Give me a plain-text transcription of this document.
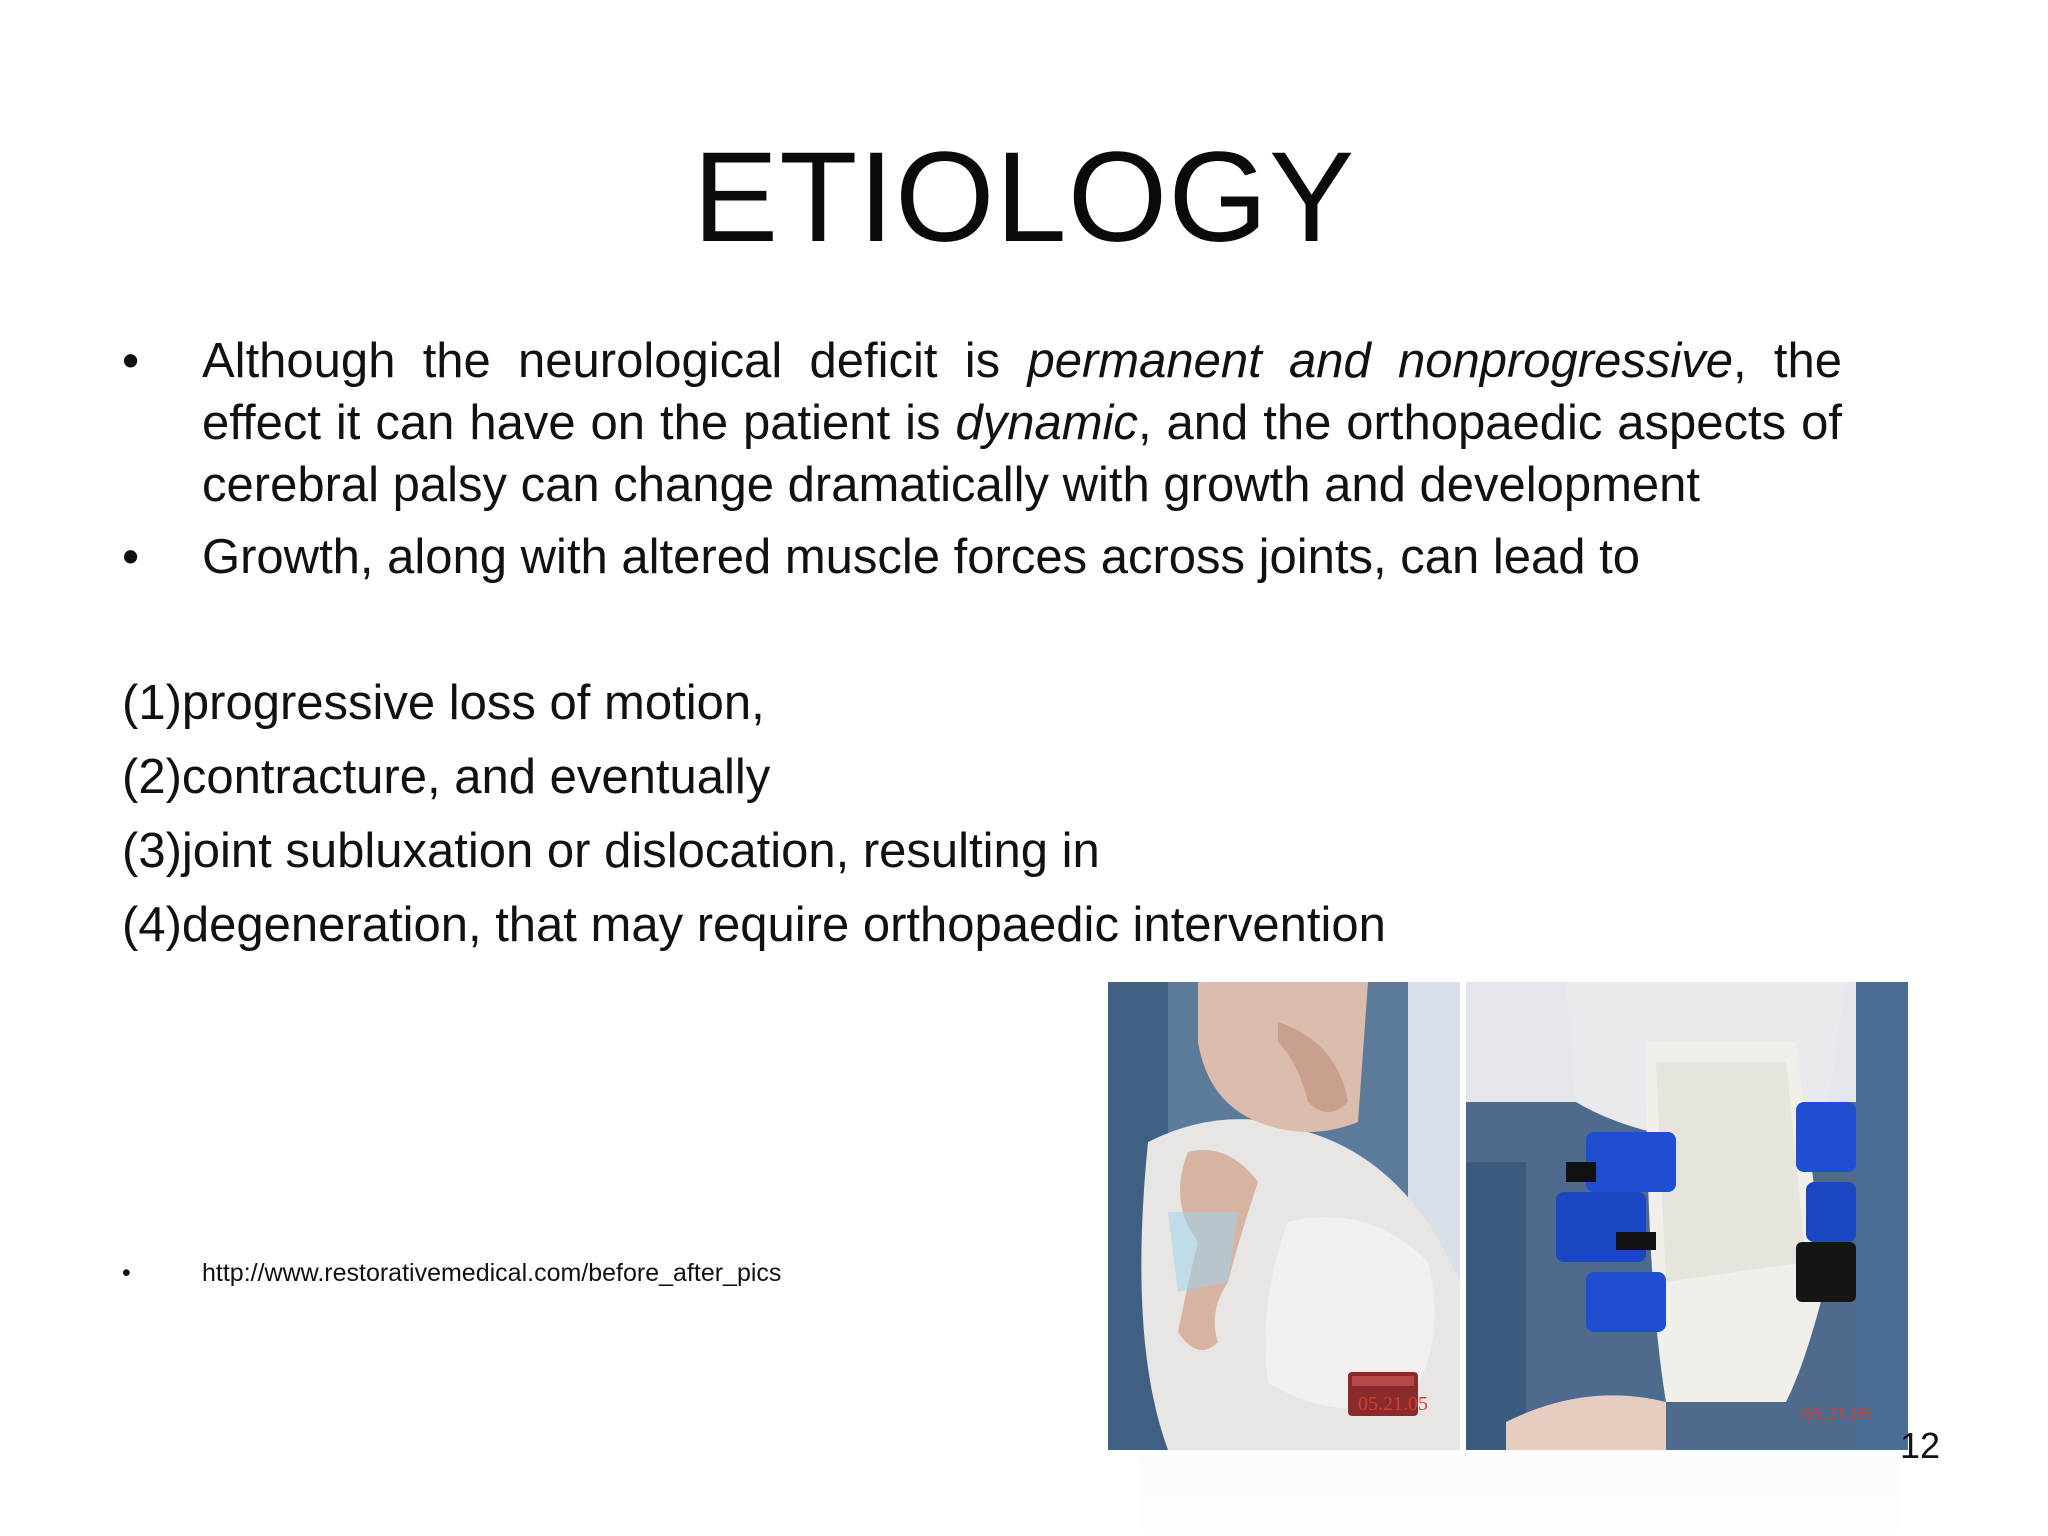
ETIOLOGY
•	Although the neurological deficit is permanent and nonprogressive, the effect it can have on the patient is dynamic, and the orthopaedic aspects of cerebral palsy can change dramatically with growth and development
•	Growth, along with altered muscle forces across joints, can lead to
(1)progressive loss of motion,
(2)contracture, and eventually
(3)joint subluxation or dislocation, resulting in
(4)degeneration, that may require orthopaedic intervention
•	http://www.restorativemedical.com/before_after_pics
05.21.05	05.21.05
12
